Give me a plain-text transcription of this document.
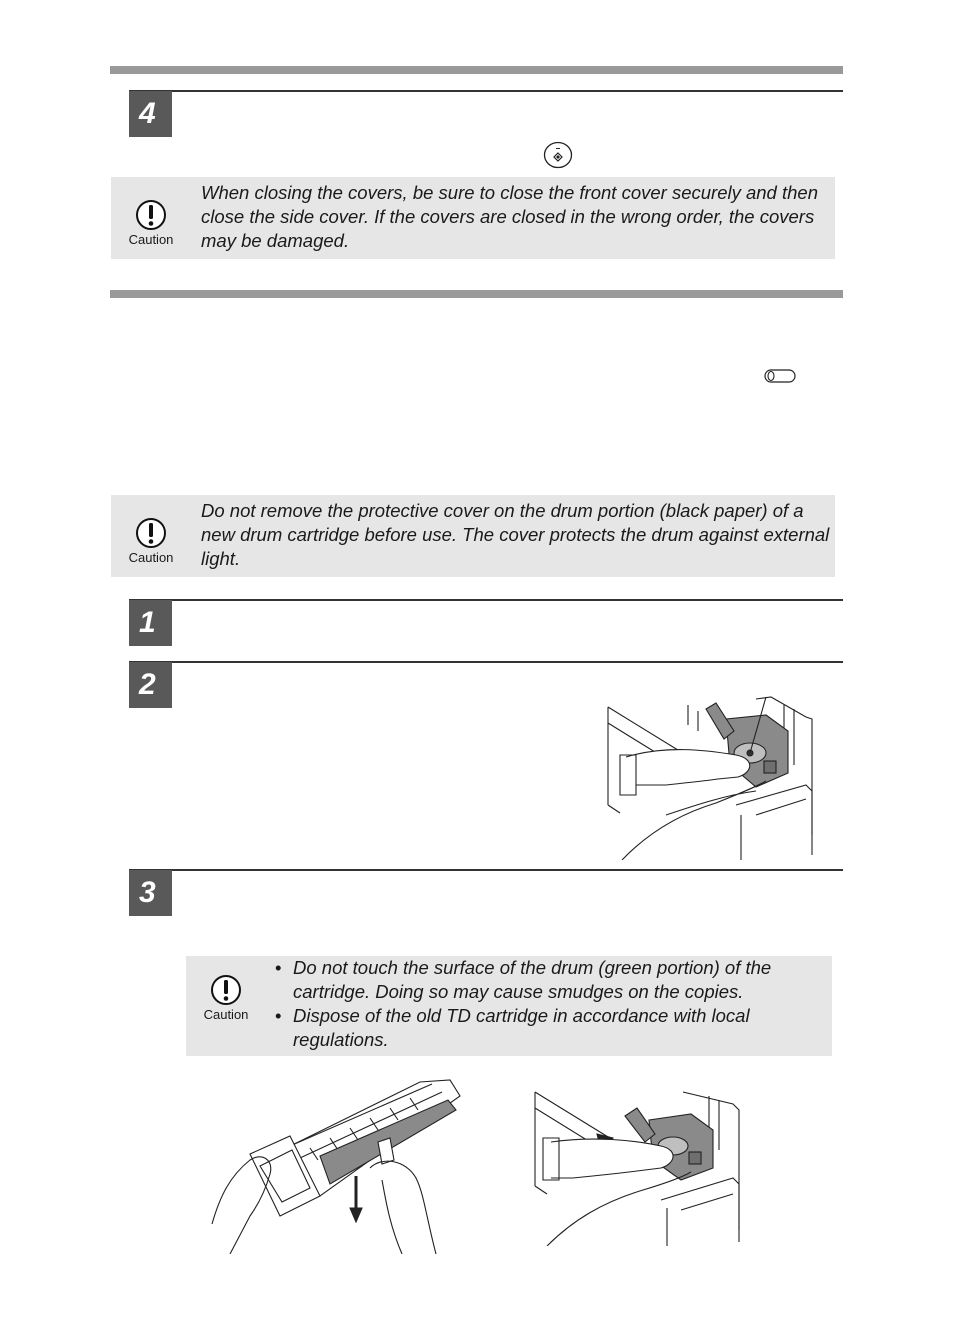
4
Caution
When closing the covers, be sure to close the front cover securely and then close the side cover. If the covers are closed in the wrong order, the covers may be damaged.
Caution
Do not remove the protective cover on the drum portion (black paper) of a new drum cartridge before use. The cover protects the drum against external light.
1
2
3
Caution
• Do not touch the surface of the drum (green portion) of the cartridge. Doing so may cause smudges on the copies.
• Dispose of the old TD cartridge in accordance with local regulations.
